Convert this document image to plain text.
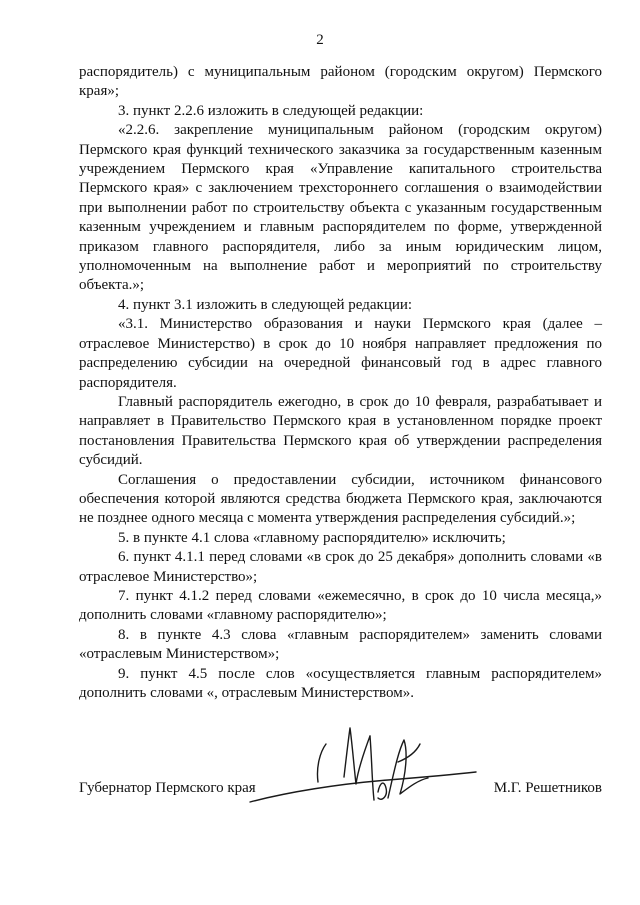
2

распорядитель) с муниципальным районом (городским округом) Пермского края»;

3. пункт 2.2.6 изложить в следующей редакции:

«2.2.6. закрепление муниципальным районом (городским округом) Пермского края функций технического заказчика за государственным казенным учреждением Пермского края «Управление капитального строительства Пермского края» с заключением трехстороннего соглашения о взаимодействии при выполнении работ по строительству объекта с указанным государственным казенным учреждением и главным распорядителем по форме, утвержденной приказом главного распорядителя, либо за иным юридическим лицом, уполномоченным на выполнение работ и мероприятий по строительству объекта.»;

4. пункт 3.1 изложить в следующей редакции:

«3.1. Министерство образования и науки Пермского края (далее – отраслевое Министерство) в срок до 10 ноября направляет предложения по распределению субсидии на очередной финансовый год в адрес главного распорядителя.

Главный распорядитель ежегодно, в срок до 10 февраля, разрабатывает и направляет в Правительство Пермского края в установленном порядке проект постановления Правительства Пермского края об утверждении распределения субсидий.

Соглашения о предоставлении субсидии, источником финансового обеспечения которой являются средства бюджета Пермского края, заключаются не позднее одного месяца с момента утверждения распределения субсидий.»;

5. в пункте 4.1 слова «главному распорядителю» исключить;

6. пункт 4.1.1 перед словами «в срок до 25 декабря» дополнить словами «в отраслевое Министерство»;

7. пункт 4.1.2 перед словами «ежемесячно, в срок до 10 числа месяца,» дополнить словами «главному распорядителю»;

8. в пункте 4.3 слова «главным распорядителем» заменить словами «отраслевым Министерством»;

9. пункт 4.5 после слов «осуществляется главным распорядителем» дополнить словами «, отраслевым Министерством».

Губернатор Пермского края	М.Г. Решетников
